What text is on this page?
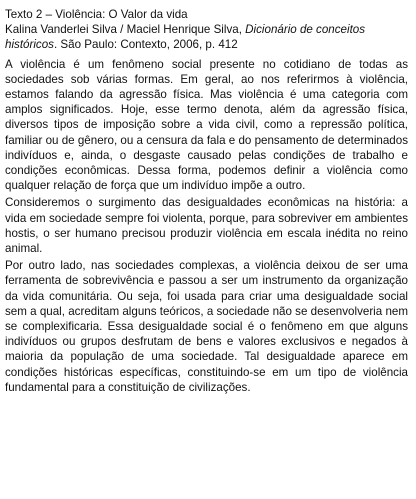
Texto 2 – Violência: O Valor da vida

Kalina Vanderlei Silva / Maciel Henrique Silva, Dicionário de conceitos históricos. São Paulo: Contexto, 2006, p. 412

A violência é um fenômeno social presente no cotidiano de todas as sociedades sob várias formas. Em geral, ao nos referirmos à violência, estamos falando da agressão física. Mas violência é uma categoria com amplos significados. Hoje, esse termo denota, além da agressão física, diversos tipos de imposição sobre a vida civil, como a repressão política, familiar ou de gênero, ou a censura da fala e do pensamento de determinados indivíduos e, ainda, o desgaste causado pelas condições de trabalho e condições econômicas. Dessa forma, podemos definir a violência como qualquer relação de força que um indivíduo impõe a outro.

Consideremos o surgimento das desigualdades econômicas na história: a vida em sociedade sempre foi violenta, porque, para sobreviver em ambientes hostis, o ser humano precisou produzir violência em escala inédita no reino animal.

Por outro lado, nas sociedades complexas, a violência deixou de ser uma ferramenta de sobrevivência e passou a ser um instrumento da organização da vida comunitária. Ou seja, foi usada para criar uma desigualdade social sem a qual, acreditam alguns teóricos, a sociedade não se desenvolveria nem se complexificaria. Essa desigualdade social é o fenômeno em que alguns indivíduos ou grupos desfrutam de bens e valores exclusivos e negados à maioria da população de uma sociedade. Tal desigualdade aparece em condições históricas específicas, constituindo-se em um tipo de violência fundamental para a constituição de civilizações.
